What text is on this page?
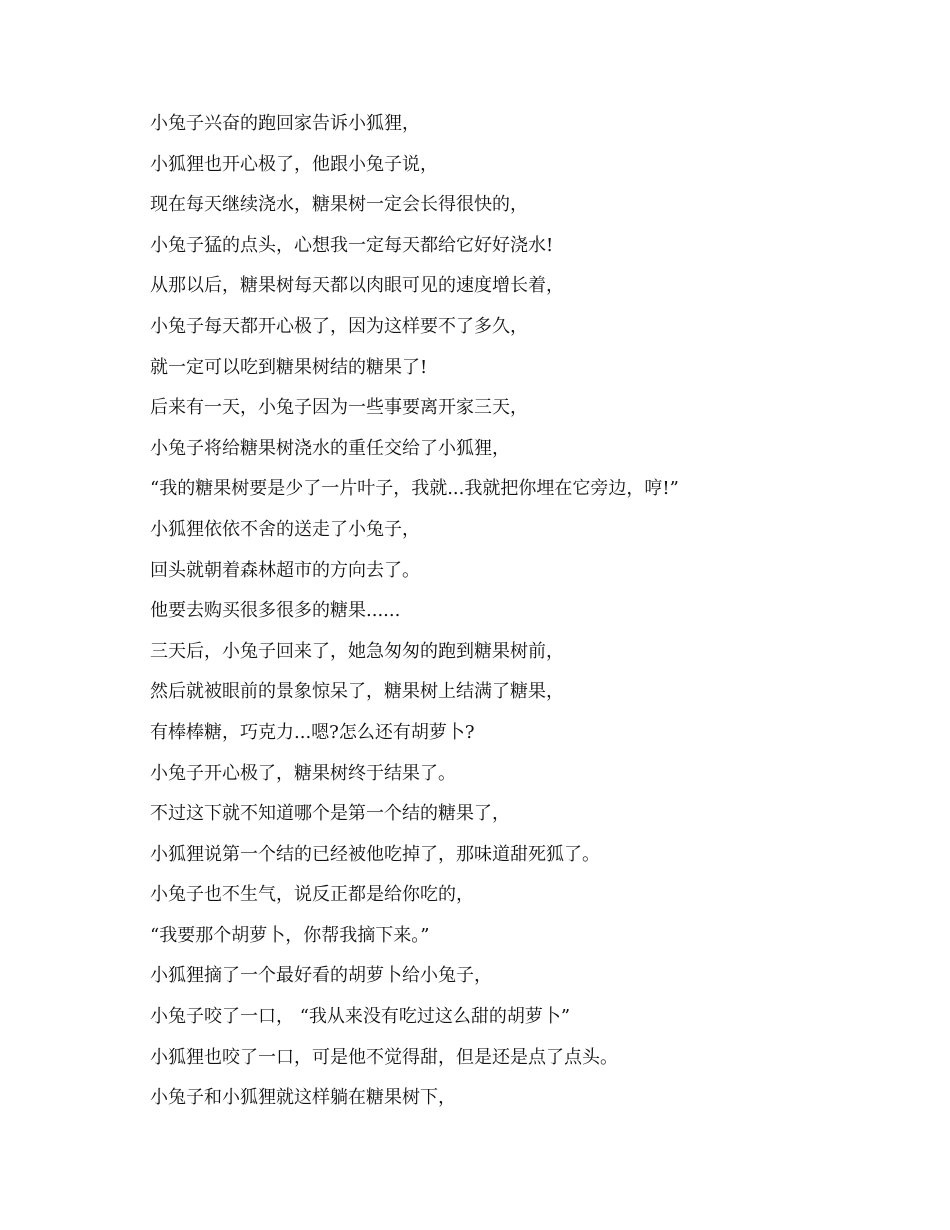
小兔子兴奋的跑回家告诉小狐狸，

小狐狸也开心极了，他跟小兔子说，

现在每天继续浇水，糖果树一定会长得很快的，

小兔子猛的点头，心想我一定每天都给它好好浇水!

从那以后，糖果树每天都以肉眼可见的速度增长着，

小兔子每天都开心极了，因为这样要不了多久，

就一定可以吃到糖果树结的糖果了!

后来有一天，小兔子因为一些事要离开家三天，

小兔子将给糖果树浇水的重任交给了小狐狸，

“我的糖果树要是少了一片叶子，我就...我就把你埋在它旁边，哼!”

小狐狸依依不舍的送走了小兔子，

回头就朝着森林超市的方向去了。

他要去购买很多很多的糖果......

三天后，小兔子回来了，她急匆匆的跑到糖果树前，

然后就被眼前的景象惊呆了，糖果树上结满了糖果，

有棒棒糖，巧克力...嗯?怎么还有胡萝卜?

小兔子开心极了，糖果树终于结果了。

不过这下就不知道哪个是第一个结的糖果了，

小狐狸说第一个结的已经被他吃掉了，那味道甜死狐了。

小兔子也不生气，说反正都是给你吃的，

“我要那个胡萝卜，你帮我摘下来。”

小狐狸摘了一个最好看的胡萝卜给小兔子，

小兔子咬了一口， “我从来没有吃过这么甜的胡萝卜”

小狐狸也咬了一口，可是他不觉得甜，但是还是点了点头。

小兔子和小狐狸就这样躺在糖果树下，
